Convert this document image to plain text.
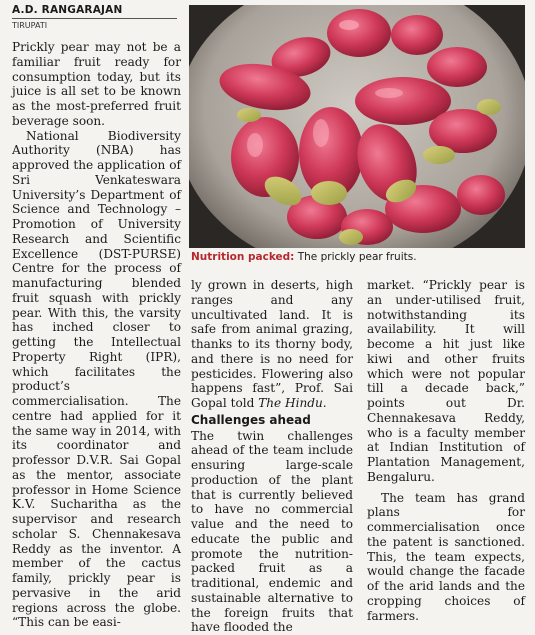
A.D. RANGARAJAN
TIRUPATI

Prickly pear may not be a familiar fruit ready for consumption today, but its juice is all set to be known as the most-preferred fruit beverage soon.

National Biodiversity Authority (NBA) has approved the application of Sri Venkateswara University’s Department of Science and Technology – Promotion of University Research and Scientific Excellence (DST-PURSE) Centre for the process of manufacturing blended fruit squash with prickly pear. With this, the varsity has inched closer to getting the Intellectual Property Right (IPR), which facilitates the product’s commercialisation. The centre had applied for it the same way in 2014, with its coordinator and professor D.V.R. Sai Gopal as the mentor, associate professor in Home Science K.V. Sucharitha as the supervisor and research scholar S. Chennakesava Reddy as the inventor. A member of the cactus family, prickly pear is pervasive in the arid regions across the globe. “This can be easi-

Nutrition packed: The prickly pear fruits.

ly grown in deserts, high ranges and any uncultivated land. It is safe from animal grazing, thanks to its thorny body, and there is no need for pesticides. Flowering also happens fast”, Prof. Sai Gopal told The Hindu.

Challenges ahead

The twin challenges ahead of the team include ensuring large-scale production of the plant that is currently believed to have no commercial value and the need to educate the public and promote the nutrition-packed fruit as a traditional, endemic and sustainable alternative to the foreign fruits that have flooded the

market. “Prickly pear is an under-utilised fruit, notwithstanding its availability. It will become a hit just like kiwi and other fruits which were not popular till a decade back,” points out Dr. Chennakesava Reddy, who is a faculty member at Indian Institution of Plantation Management, Bengaluru.

The team has grand plans for commercialisation once the patent is sanctioned. This, the team expects, would change the facade of the arid lands and the cropping choices of farmers.
